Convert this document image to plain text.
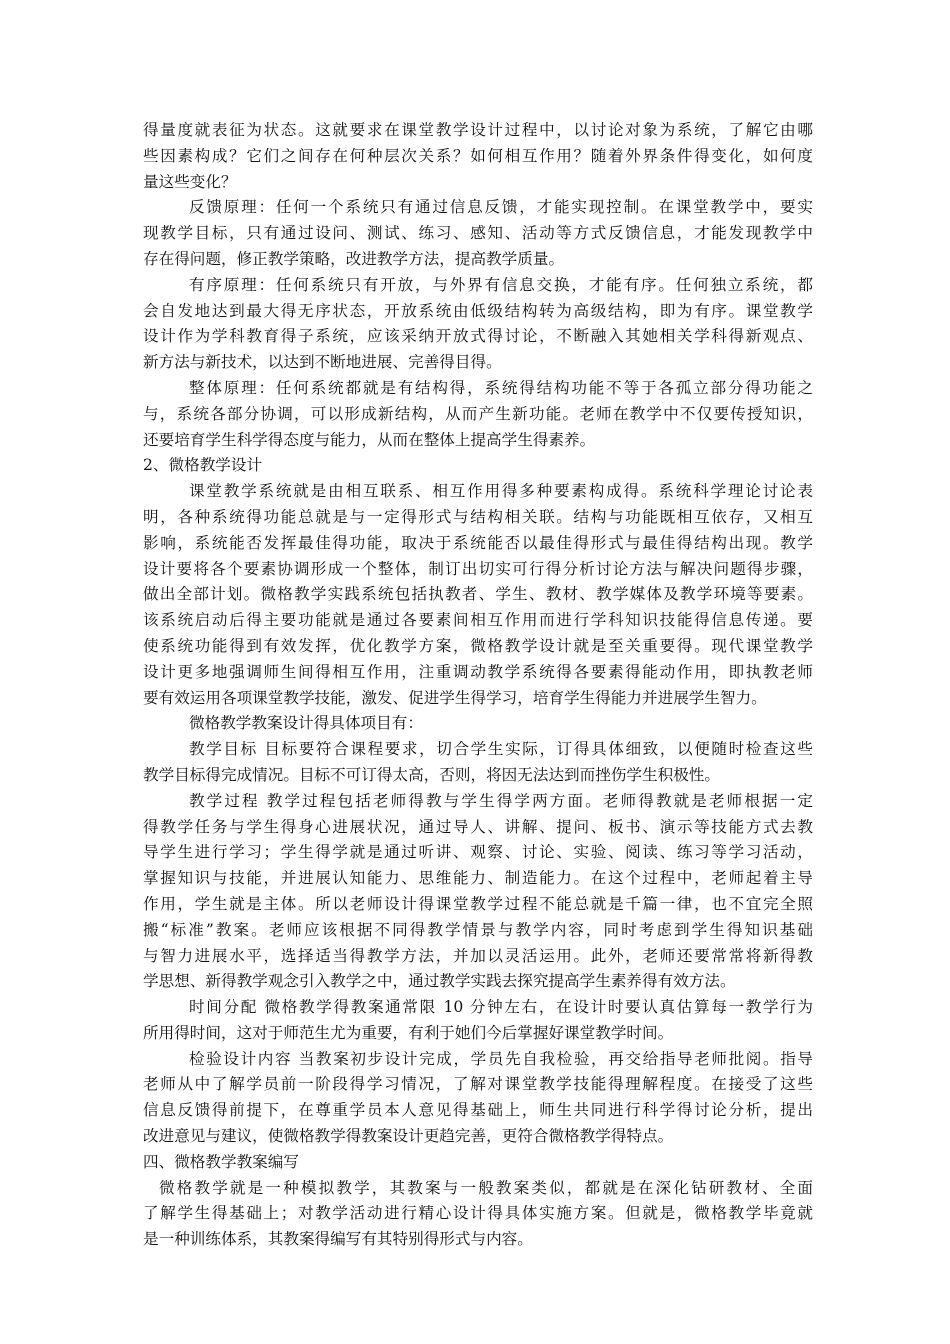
得量度就表征为状态。这就要求在课堂教学设计过程中，以讨论对象为系统，了解它由哪
些因素构成？它们之间存在何种层次关系？如何相互作用？随着外界条件得变化，如何度
量这些变化？
反馈原理：任何一个系统只有通过信息反馈，才能实现控制。在课堂教学中，要实
现教学目标，只有通过设问、测试、练习、感知、活动等方式反馈信息，才能发现教学中
存在得问题，修正教学策略，改进教学方法，提高教学质量。
有序原理：任何系统只有开放，与外界有信息交换，才能有序。任何独立系统，都
会自发地达到最大得无序状态，开放系统由低级结构转为高级结构，即为有序。课堂教学
设计作为学科教育得子系统，应该采纳开放式得讨论，不断融入其她相关学科得新观点、
新方法与新技术，以达到不断地进展、完善得目得。
整体原理：任何系统都就是有结构得，系统得结构功能不等于各孤立部分得功能之
与，系统各部分协调，可以形成新结构，从而产生新功能。老师在教学中不仅要传授知识，
还要培育学生科学得态度与能力，从而在整体上提高学生得素养。
2、微格教学设计
课堂教学系统就是由相互联系、相互作用得多种要素构成得。系统科学理论讨论表
明，各种系统得功能总就是与一定得形式与结构相关联。结构与功能既相互依存，又相互
影响，系统能否发挥最佳得功能，取决于系统能否以最佳得形式与最佳得结构出现。教学
设计要将各个要素协调形成一个整体，制订出切实可行得分析讨论方法与解决问题得步骤，
做出全部计划。微格教学实践系统包括执教者、学生、教材、教学媒体及教学环境等要素。
该系统启动后得主要功能就是通过各要素间相互作用而进行学科知识技能得信息传递。要
使系统功能得到有效发挥，优化教学方案，微格教学设计就是至关重要得。现代课堂教学
设计更多地强调师生间得相互作用，注重调动教学系统得各要素得能动作用，即执教老师
要有效运用各项课堂教学技能，激发、促进学生得学习，培育学生得能力并进展学生智力。
微格教学教案设计得具体项目有：
教学目标 目标要符合课程要求，切合学生实际，订得具体细致，以便随时检查这些
教学目标得完成情况。目标不可订得太高，否则，将因无法达到而挫伤学生积极性。
教学过程 教学过程包括老师得教与学生得学两方面。老师得教就是老师根据一定
得教学任务与学生得身心进展状况，通过导人、讲解、提问、板书、演示等技能方式去教
导学生进行学习；学生得学就是通过听讲、观察、讨论、实验、阅读、练习等学习活动，
掌握知识与技能，并进展认知能力、思维能力、制造能力。在这个过程中，老师起着主导
作用，学生就是主体。所以老师设计得课堂教学过程不能总就是千篇一律，也不宜完全照
搬“标准”教案。老师应该根据不同得教学情景与教学内容，同时考虑到学生得知识基础
与智力进展水平，选择适当得教学方法，并加以灵活运用。此外，老师还要常常将新得教
学思想、新得教学观念引入教学之中，通过教学实践去探究提高学生素养得有效方法。
时间分配 微格教学得教案通常限 10 分钟左右，在设计时要认真估算每一教学行为
所用得时间，这对于师范生尤为重要，有利于她们今后掌握好课堂教学时间。
检验设计内容 当教案初步设计完成，学员先自我检验，再交给指导老师批阅。指导
老师从中了解学员前一阶段得学习情况，了解对课堂教学技能得理解程度。在接受了这些
信息反馈得前提下，在尊重学员本人意见得基础上，师生共同进行科学得讨论分析，提出
改进意见与建议，使微格教学得教案设计更趋完善，更符合微格教学得特点。
四、微格教学教案编写
微格教学就是一种模拟教学，其教案与一般教案类似，都就是在深化钻研教材、全面
了解学生得基础上；对教学活动进行精心设计得具体实施方案。但就是，微格教学毕竟就
是一种训练体系，其教案得编写有其特别得形式与内容。
